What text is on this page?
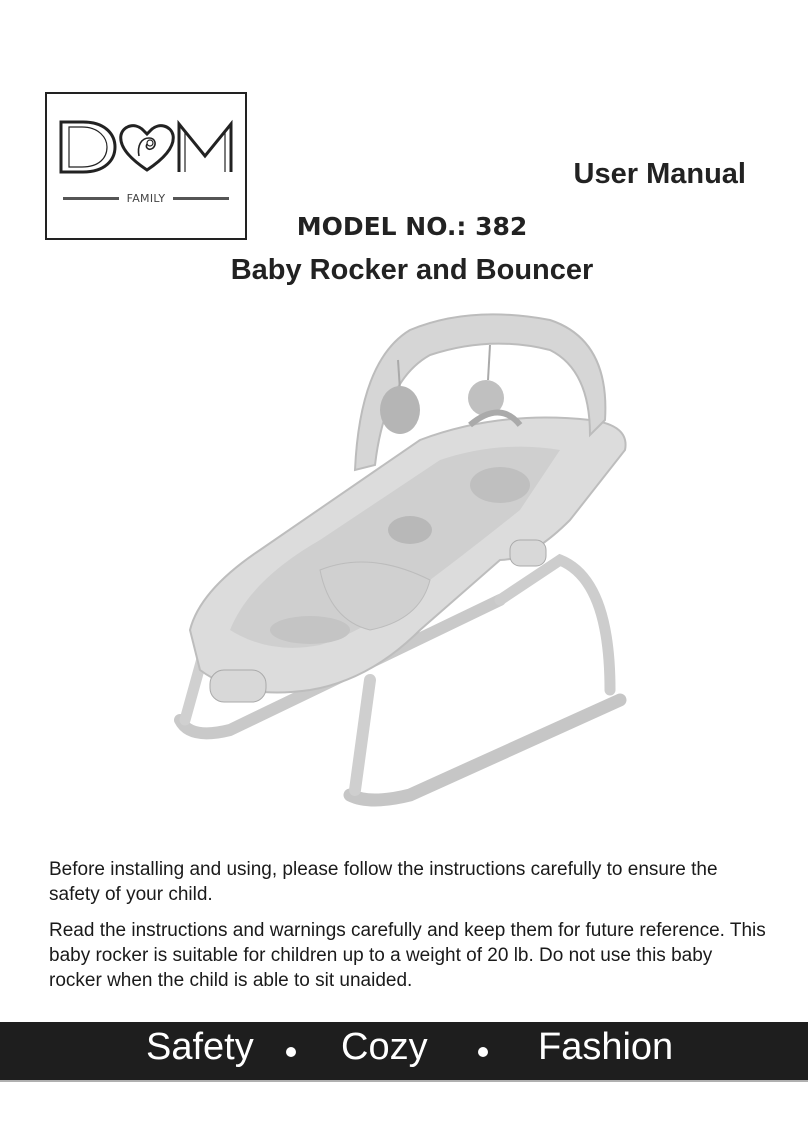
FAMILY
User Manual
MODEL NO.: 382
Baby Rocker and Bouncer
Before installing and using, please follow the instructions carefully to ensure the safety of your child.
Read the instructions and warnings carefully and keep them for future reference. This baby rocker is suitable for children up to a weight of 20 lb. Do not use this baby rocker when the child is able to sit unaided.
Safety Cozy	Fashion
